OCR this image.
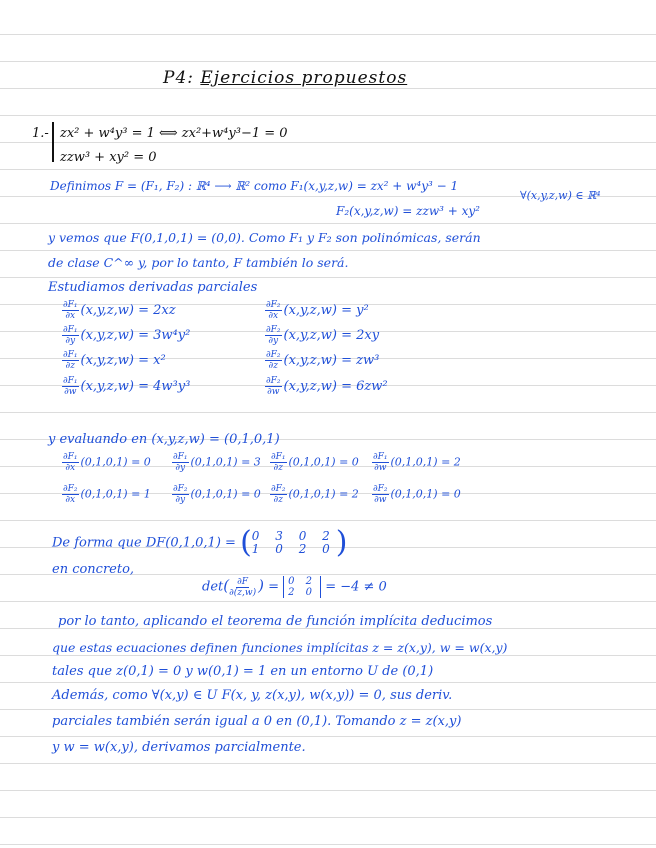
P4: Ejercicios propuestos
1.- zx² + w⁴y³ = 1 ⟺ zx²+w⁴y³−1 = 0
zzw³ + xy² = 0
Definimos F = (F₁, F₂) : ℝ⁴ ⟶ ℝ² como F₁(x,y,z,w) = zx² + w⁴y³ − 1
∀(x,y,z,w) ∈ ℝ⁴
F₂(x,y,z,w) = zzw³ + xy²
y vemos que F(0,1,0,1) = (0,0). Como F₁ y F₂ son polinómicas, serán
de clase C^∞ y, por lo tanto, F también lo será.
Estudiamos derivadas parciales
$\frac{\text{∂F₁}}{\partial x} (x,y,z,w) = 2xz$	$\frac{\text{∂F₂}}{\partial x} (x,y,z,w) = y^2$
$\frac{\text{∂F₁}}{\partial y} (x,y,z,w) = 3w^4y^2$	$\frac{\text{∂F₂}}{\partial y} (x,y,z,w) = 2xy$
$\frac{\text{∂F₁}}{\partial z} (x,y,z,w) = x^2$	$\frac{\text{∂F₂}}{\partial z} (x,y,z,w) = zw^3$
$\frac{\text{∂F₁}}{\partial w} (x,y,z,w) = 4w^3y^3$	$\frac{\text{∂F₂}}{\partial w} (x,y,z,w) = 6zw^2$
y evaluando en (x,y,z,w) = (0,1,0,1)
$\frac{\text{∂F₁}}{\partial x} (0,1,0,1) = 0 \frac{\text{∂F₁}}{\partial y} (0,1,0,1) = 3 \frac{\text{∂F₁}}{\partial z} (0,1,0,1) = 0 \frac{\text{∂F₁}}{\partial w} (0,1,0,1) = 2$
$\frac{\text{∂F₂}}{\partial x} (0,1,0,1) = 1 \frac{\text{∂F₂}}{\partial y} (0,1,0,1) = 0 \frac{\text{∂F₂}}{\partial z} (0,1,0,1) = 2 \frac{\text{∂F₂}}{\partial w} (0,1,0,1) = 0$
De forma que DF(0,1,0,1) = ( 0 3 0 2
1 0 2 0 )
en concreto,
$\det( \frac{\partial F}{\partial(z,w)}$ ) = 0 2
2 0 = −4 ≠ 0
por lo tanto, aplicando el teorema de función implícita deducimos
que estas ecuaciones definen funciones implícitas z = z(x,y), w = w(x,y)
tales que z(0,1) = 0 y w(0,1) = 1 en un entorno U de (0,1)
Además, como ∀(x,y) ∈ U F(x, y, z(x,y), w(x,y)) = 0, sus deriv.
parciales también serán igual a 0 en (0,1). Tomando z = z(x,y)
y w = w(x,y), derivamos parcialmente.
